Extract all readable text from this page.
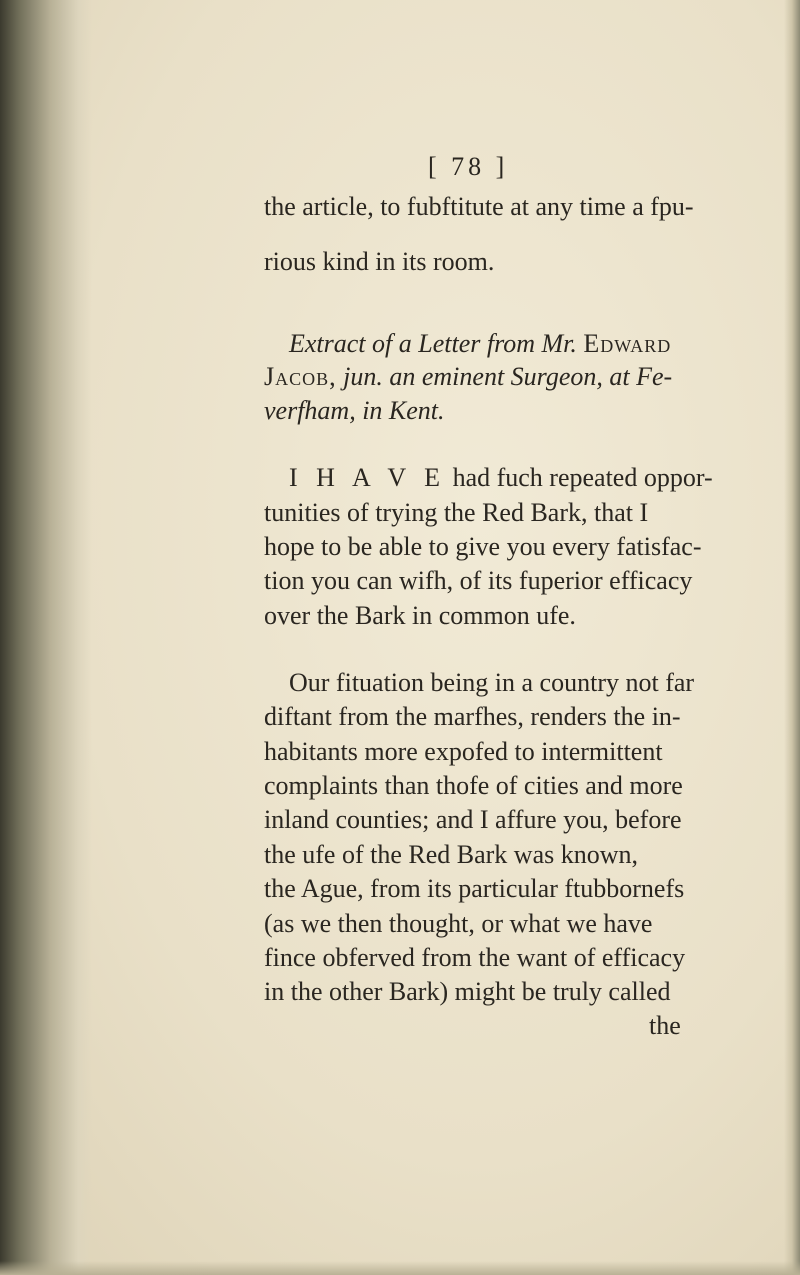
[ 78 ]
the article, to fubftitute at any time a fpu-
rious kind in its room.
Extract of a Letter from Mr. Edward
Jacob, jun. an eminent Surgeon, at Fe-
verfham, in Kent.
I H A V E had fuch repeated oppor-
tunities of trying the Red Bark, that I
hope to be able to give you every fatisfac-
tion you can wifh, of its fuperior efficacy
over the Bark in common ufe.
Our fituation being in a country not far
diftant from the marfhes, renders the in-
habitants more expofed to intermittent
complaints than thofe of cities and more
inland counties; and I affure you, before
the ufe of the Red Bark was known,
the Ague, from its particular ftubbornefs
(as we then thought, or what we have
fince obferved from the want of efficacy
in the other Bark) might be truly called
the
